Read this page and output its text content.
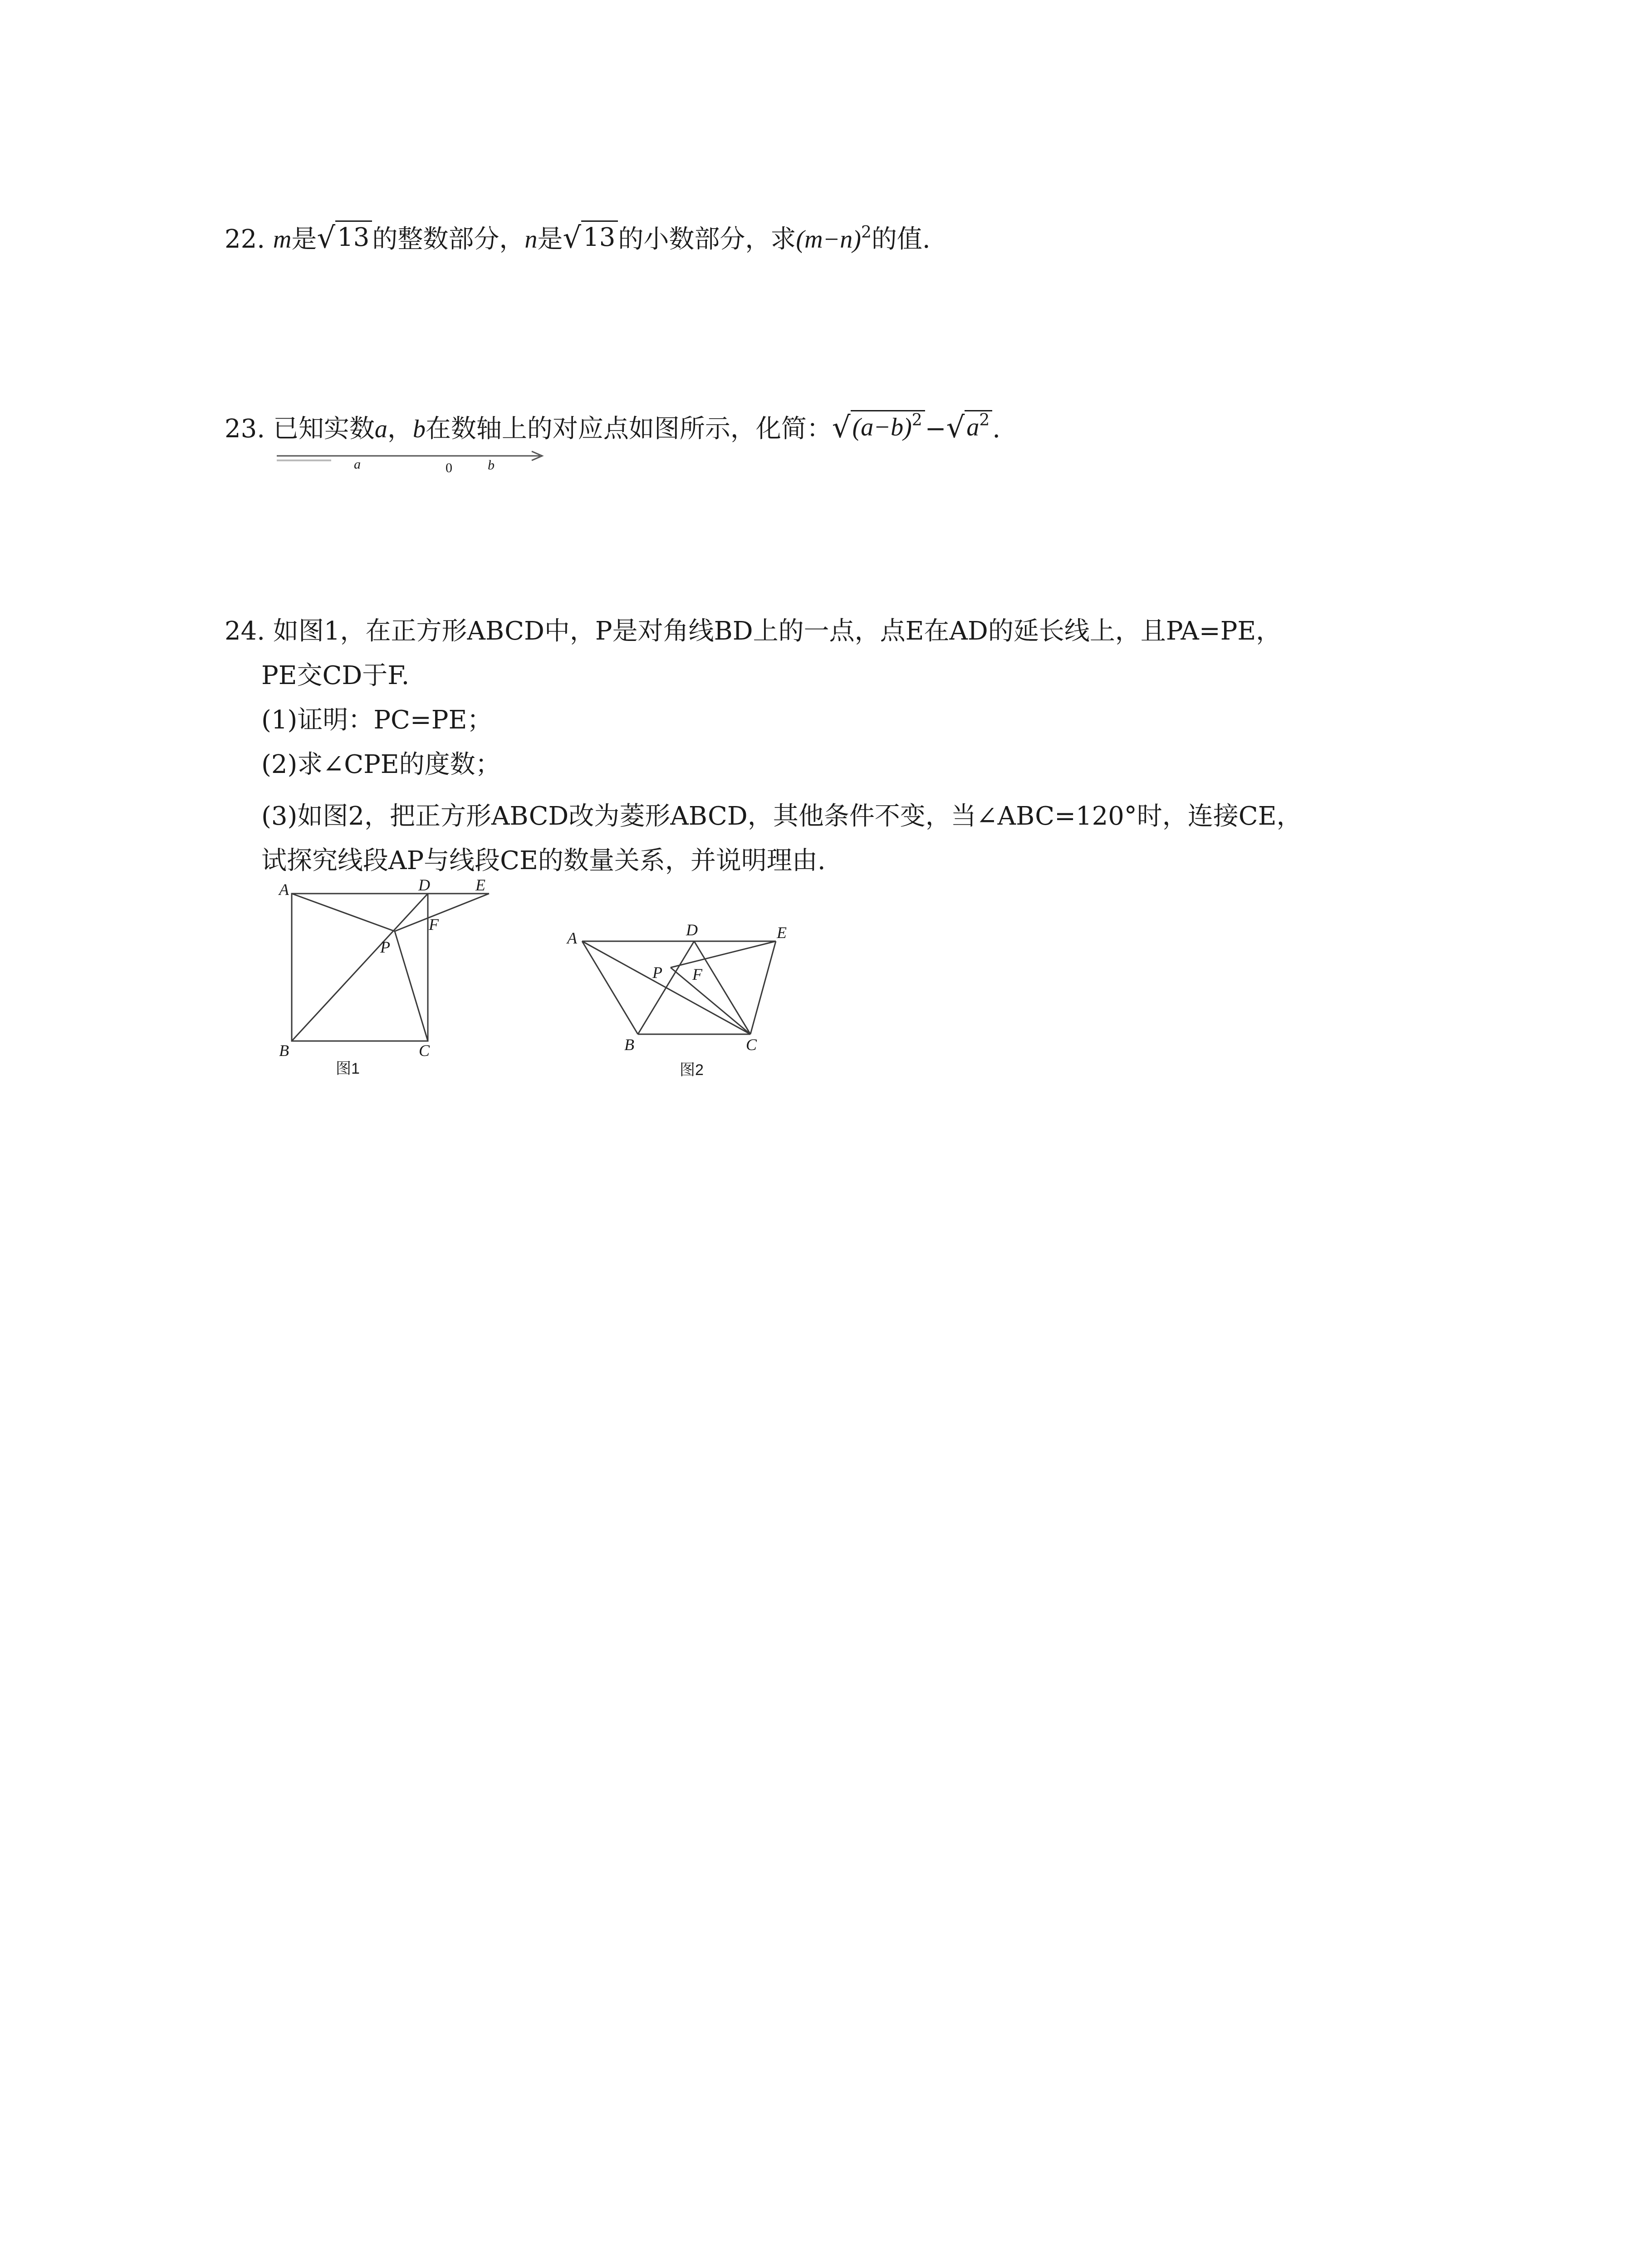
22. m是 √ 13 的整数部分，n是 √ 13 的小数部分，求$(m-n)^2$的值.
23. 已知实数a，b在数轴上的对应点如图所示，化简： √ $(a-b)^2$ − √ $a^2$ .
a	0	b
24. 如图1，在正方形ABCD中，P是对角线BD上的一点，点E在AD的延长线上，且PA=PE，
PE交CD于F.
(1)证明：PC=PE；
(2)求∠CPE的度数；
(3)如图2，把正方形ABCD改为菱形ABCD，其他条件不变，当∠ABC=120°时，连接CE，
试探究线段AP与线段CE的数量关系，并说明理由.
A	D	E
F
P
B	C
图1
A	D	E
P F
B	C
图2
